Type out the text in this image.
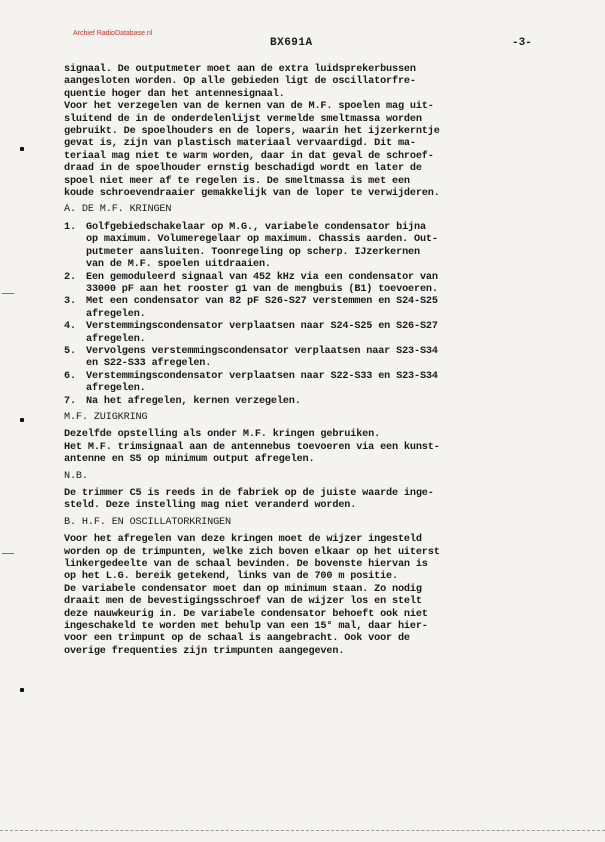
Archief RadioDatabase.nl
BX691A	-3-
signaal. De outputmeter moet aan de extra luidsprekerbussen
aangesloten worden. Op alle gebieden ligt de oscillatorfre-
quentie hoger dan het antennesignaal.
Voor het verzegelen van de kernen van de M.F. spoelen mag uit-
sluitend de in de onderdelenlijst vermelde smeltmassa worden
gebruikt. De spoelhouders en de lopers, waarin het ijzerkerntje
gevat is, zijn van plastisch materiaal vervaardigd. Dit ma-
teriaal mag niet te warm worden, daar in dat geval de schroef-
draad in de spoelhouder ernstig beschadigd wordt en later de
spoel niet meer af te regelen is. De smeltmassa is met een
koude schroevendraaier gemakkelijk van de loper te verwijderen.
A. DE M.F. KRINGEN
1. Golfgebiedschakelaar op M.G., variabele condensator bijna
op maximum. Volumeregelaar op maximum. Chassis aarden. Out-
putmeter aansluiten. Toonregeling op scherp. IJzerkernen
van de M.F. spoelen uitdraaien.
2. Een gemoduleerd signaal van 452 kHz via een condensator van
33000 pF aan het rooster g1 van de mengbuis (B1) toevoeren.
3. Met een condensator van 82 pF S26-S27 verstemmen en S24-S25
afregelen.
4. Verstemmingscondensator verplaatsen naar S24-S25 en S26-S27
afregelen.
5. Vervolgens verstemmingscondensator verplaatsen naar S23-S34
en S22-S33 afregelen.
6. Verstemmingscondensator verplaatsen naar S22-S33 en S23-S34
afregelen.
7. Na het afregelen, kernen verzegelen.
M.F. ZUIGKRING
Dezelfde opstelling als onder M.F. kringen gebruiken.
Het M.F. trimsignaal aan de antennebus toevoeren via een kunst-
antenne en S5 op minimum output afregelen.
N.B.
De trimmer C5 is reeds in de fabriek op de juiste waarde inge-
steld. Deze instelling mag niet veranderd worden.
B. H.F. EN OSCILLATORKRINGEN
Voor het afregelen van deze kringen moet de wijzer ingesteld
worden op de trimpunten, welke zich boven elkaar op het uiterst
linkergedeelte van de schaal bevinden. De bovenste hiervan is
op het L.G. bereik getekend, links van de 700 m positie.
De variabele condensator moet dan op minimum staan. Zo nodig
draait men de bevestigingsschroef van de wijzer los en stelt
deze nauwkeurig in. De variabele condensator behoeft ook niet
ingeschakeld te worden met behulp van een 15° mal, daar hier-
voor een trimpunt op de schaal is aangebracht. Ook voor de
overige frequenties zijn trimpunten aangegeven.
